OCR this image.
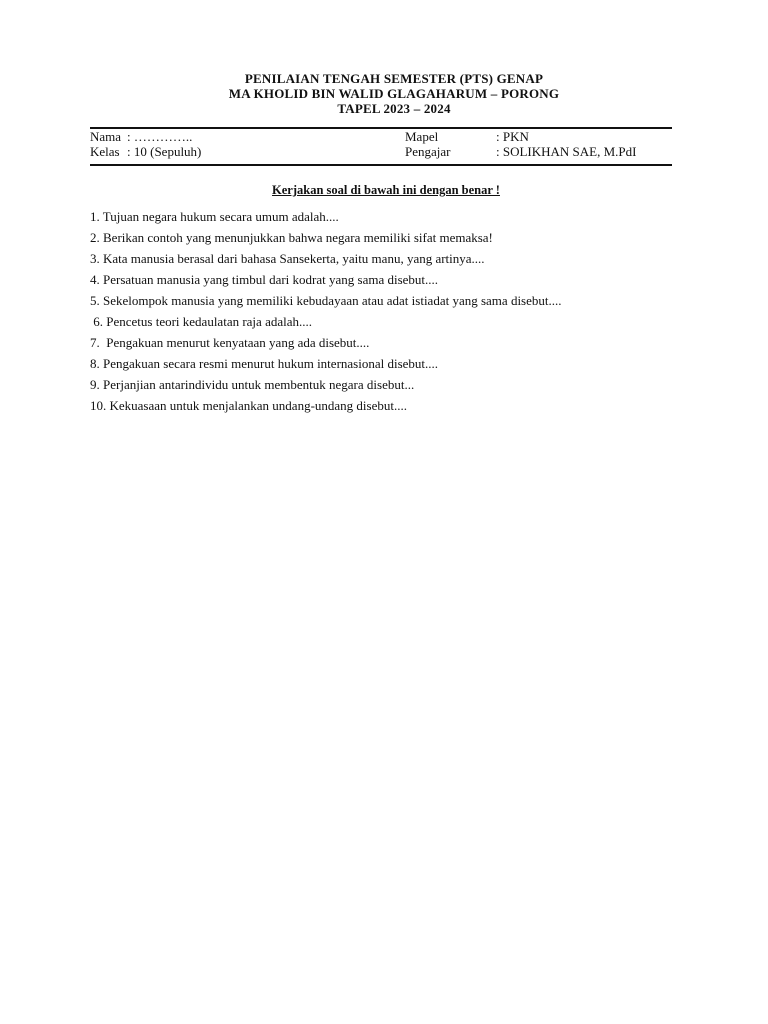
PENILAIAN TENGAH SEMESTER (PTS) GENAP
MA KHOLID BIN WALID GLAGAHARUM – PORONG
TAPEL 2023 – 2024
Nama : …………..	Mapel	: PKN
Kelas : 10 (Sepuluh)	Pengajar	: SOLIKHAN SAE, M.PdI
Kerjakan soal di bawah ini dengan benar !
1. Tujuan negara hukum secara umum adalah....
2. Berikan contoh yang menunjukkan bahwa negara memiliki sifat memaksa!
3. Kata manusia berasal dari bahasa Sansekerta, yaitu manu, yang artinya....
4. Persatuan manusia yang timbul dari kodrat yang sama disebut....
5. Sekelompok manusia yang memiliki kebudayaan atau adat istiadat yang sama disebut....
6. Pencetus teori kedaulatan raja adalah....
7.  Pengakuan menurut kenyataan yang ada disebut....
8. Pengakuan secara resmi menurut hukum internasional disebut....
9. Perjanjian antarindividu untuk membentuk negara disebut...
10. Kekuasaan untuk menjalankan undang-undang disebut....
